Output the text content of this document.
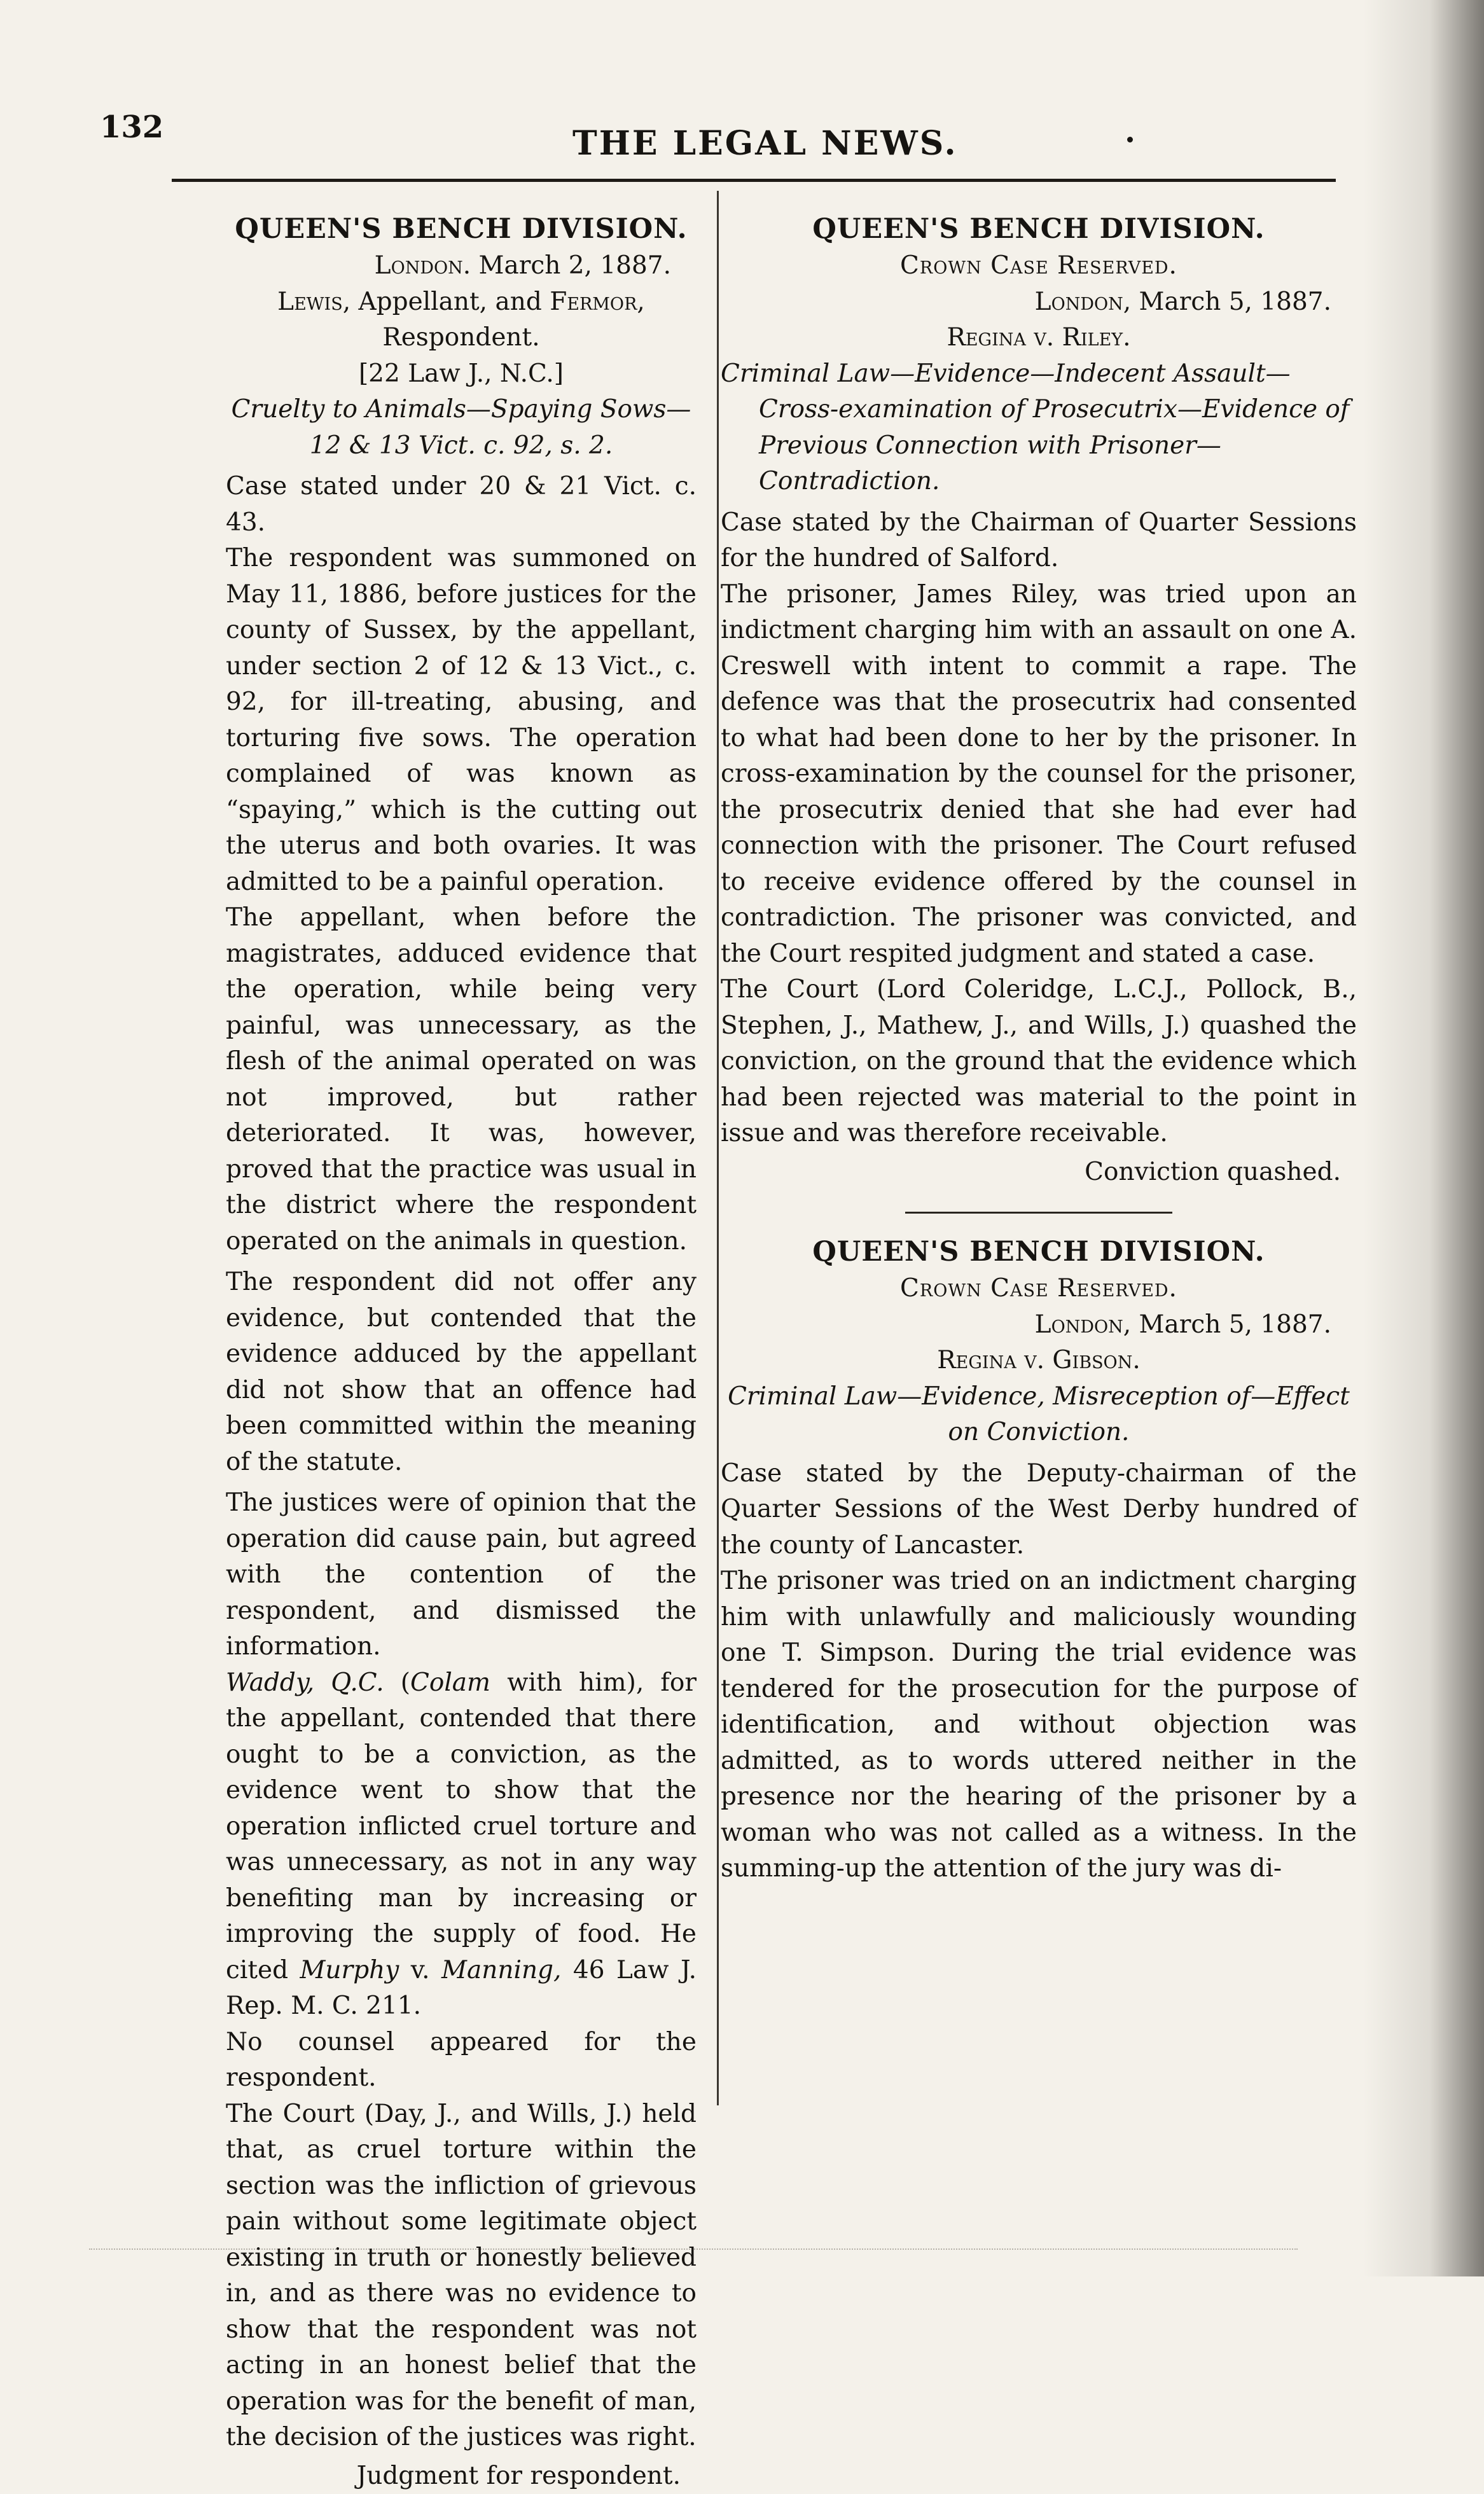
132	THE LEGAL NEWS.
QUEEN'S BENCH DIVISION.

London. March 2, 1887.

Lewis, Appellant, and Fermor, Respondent.

[22 Law J., N.C.]

Cruelty to Animals—Spaying Sows—12 & 13 Vict. c. 92, s. 2.

Case stated under 20 & 21 Vict. c. 43.

The respondent was summoned on May 11, 1886, before justices for the county of Sussex, by the appellant, under section 2 of 12 & 13 Vict., c. 92, for ill-treating, abusing, and torturing five sows. The operation complained of was known as “spaying,” which is the cutting out the uterus and both ovaries. It was admitted to be a painful operation.

The appellant, when before the magistrates, adduced evidence that the operation, while being very painful, was unnecessary, as the flesh of the animal operated on was not improved, but rather deteriorated. It was, however, proved that the practice was usual in the district where the respondent operated on the animals in question.

The respondent did not offer any evidence, but contended that the evidence adduced by the appellant did not show that an offence had been committed within the meaning of the statute.

The justices were of opinion that the operation did cause pain, but agreed with the contention of the respondent, and dismissed the information.

Waddy, Q.C. (Colam with him), for the appellant, contended that there ought to be a conviction, as the evidence went to show that the operation inflicted cruel torture and was unnecessary, as not in any way benefiting man by increasing or improving the supply of food. He cited Murphy v. Manning, 46 Law J. Rep. M. C. 211.

No counsel appeared for the respondent.

The Court (Day, J., and Wills, J.) held that, as cruel torture within the section was the infliction of grievous pain without some legitimate object existing in truth or honestly believed in, and as there was no evidence to show that the respondent was not acting in an honest belief that the operation was for the benefit of man, the decision of the justices was right.

Judgment for respondent.

QUEEN'S BENCH DIVISION.

Crown Case Reserved.

London, March 5, 1887.

Regina v. Riley.

Criminal Law—Evidence—Indecent Assault—Cross-examination of Prosecutrix—Evidence of Previous Connection with Prisoner—Contradiction.

Case stated by the Chairman of Quarter Sessions for the hundred of Salford.

The prisoner, James Riley, was tried upon an indictment charging him with an assault on one A. Creswell with intent to commit a rape. The defence was that the prosecutrix had consented to what had been done to her by the prisoner. In cross-examination by the counsel for the prisoner, the prosecutrix denied that she had ever had connection with the prisoner. The Court refused to receive evidence offered by the counsel in contradiction. The prisoner was convicted, and the Court respited judgment and stated a case.

The Court (Lord Coleridge, L.C.J., Pollock, B., Stephen, J., Mathew, J., and Wills, J.) quashed the conviction, on the ground that the evidence which had been rejected was material to the point in issue and was therefore receivable.

Conviction quashed.

QUEEN'S BENCH DIVISION.

Crown Case Reserved.

London, March 5, 1887.

Regina v. Gibson.

Criminal Law—Evidence, Misreception of—Effect on Conviction.

Case stated by the Deputy-chairman of the Quarter Sessions of the West Derby hundred of the county of Lancaster.

The prisoner was tried on an indictment charging him with unlawfully and maliciously wounding one T. Simpson. During the trial evidence was tendered for the prosecution for the purpose of identification, and without objection was admitted, as to words uttered neither in the presence nor the hearing of the prisoner by a woman who was not called as a witness. In the summing-up the attention of the jury was di-
